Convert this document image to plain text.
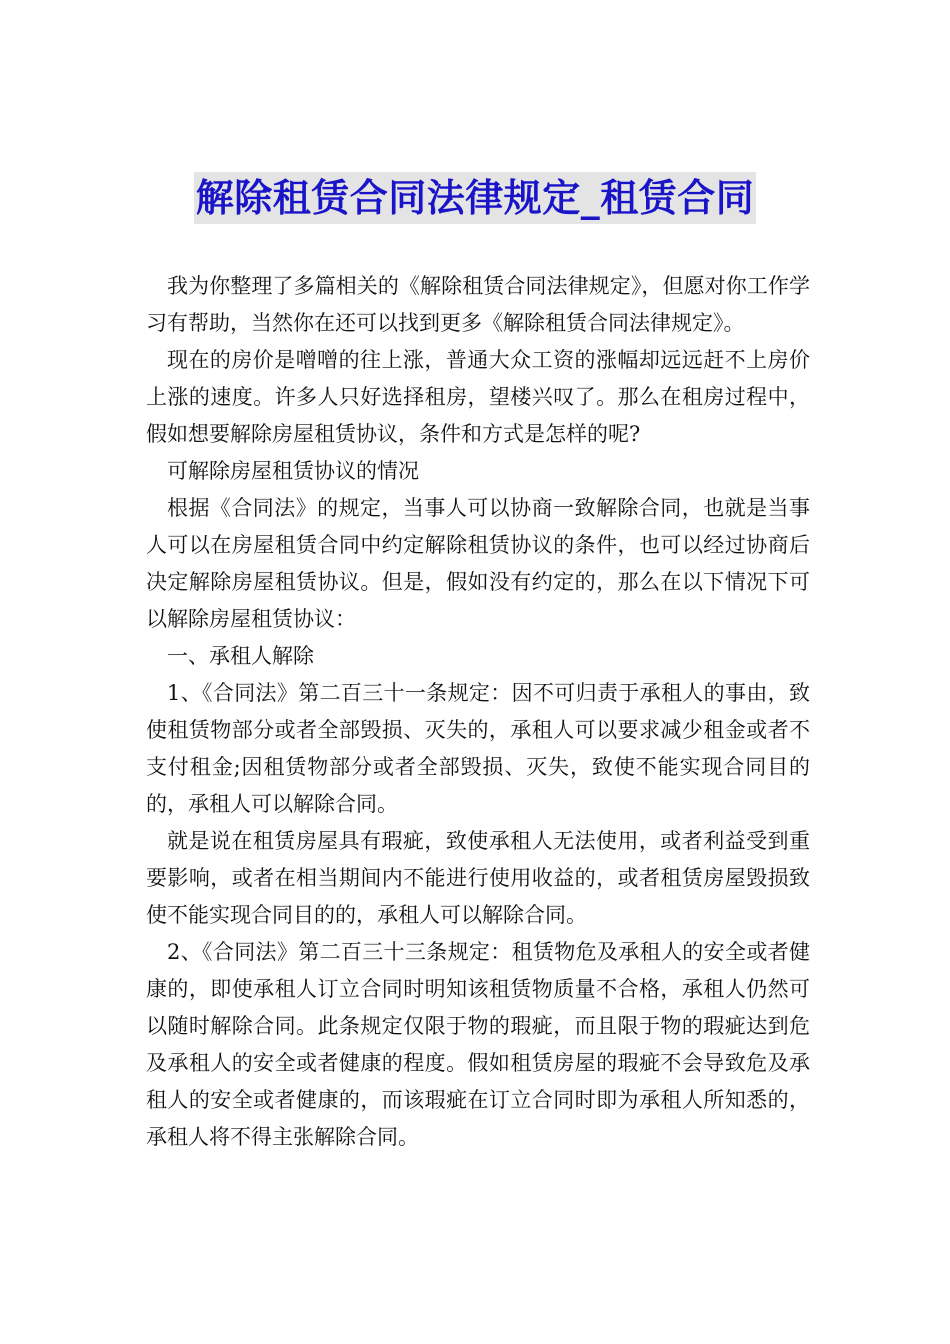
解除租赁合同法律规定_租赁合同

我为你整理了多篇相关的《解除租赁合同法律规定》，但愿对你工作学习有帮助，当然你在还可以找到更多《解除租赁合同法律规定》。

现在的房价是噌噌的往上涨，普通大众工资的涨幅却远远赶不上房价上涨的速度。许多人只好选择租房，望楼兴叹了。那么在租房过程中，假如想要解除房屋租赁协议，条件和方式是怎样的呢?

可解除房屋租赁协议的情况

根据《合同法》的规定，当事人可以协商一致解除合同，也就是当事人可以在房屋租赁合同中约定解除租赁协议的条件，也可以经过协商后决定解除房屋租赁协议。但是，假如没有约定的，那么在以下情况下可以解除房屋租赁协议：

一、承租人解除

1、《合同法》第二百三十一条规定：因不可归责于承租人的事由，致使租赁物部分或者全部毁损、灭失的，承租人可以要求减少租金或者不支付租金;因租赁物部分或者全部毁损、灭失，致使不能实现合同目的的，承租人可以解除合同。

就是说在租赁房屋具有瑕疵，致使承租人无法使用，或者利益受到重要影响，或者在相当期间内不能进行使用收益的，或者租赁房屋毁损致使不能实现合同目的的，承租人可以解除合同。

2、《合同法》第二百三十三条规定：租赁物危及承租人的安全或者健康的，即使承租人订立合同时明知该租赁物质量不合格，承租人仍然可以随时解除合同。此条规定仅限于物的瑕疵，而且限于物的瑕疵达到危及承租人的安全或者健康的程度。假如租赁房屋的瑕疵不会导致危及承租人的安全或者健康的，而该瑕疵在订立合同时即为承租人所知悉的，承租人将不得主张解除合同。
